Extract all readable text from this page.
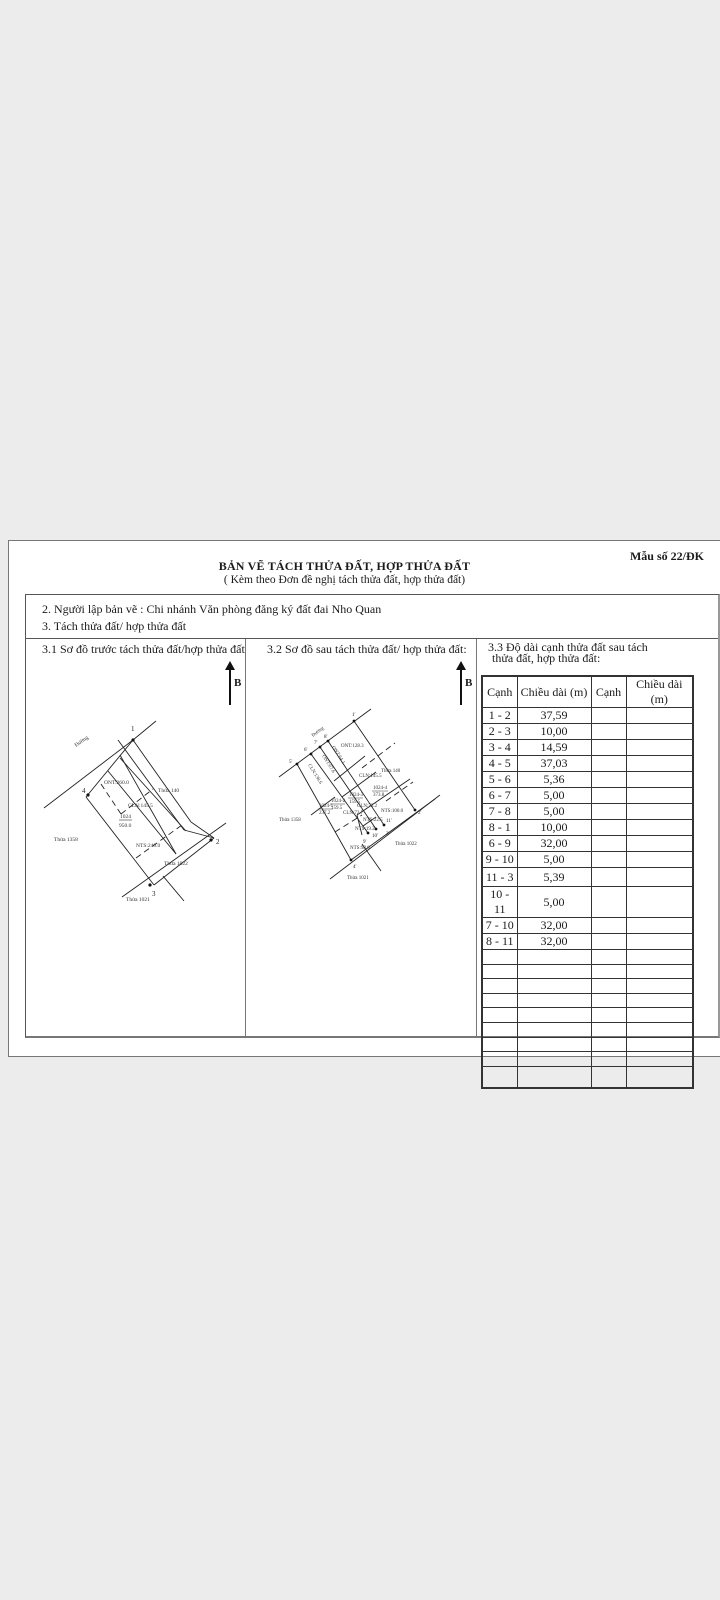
Mẫu số 22/ĐK
BẢN VẼ TÁCH THỬA ĐẤT, HỢP THỬA ĐẤT
( Kèm theo Đơn đề nghị tách thửa đất, hợp thửa đất)
2. Người lập bản vẽ : Chi nhánh Văn phòng đăng ký đất đai Nho Quan
3. Tách thửa đất/ hợp thửa đất
3.1 Sơ đồ trước tách thửa đất/hợp thửa đất
B
1
2
3
4
Đường
ONT:260.0
Thửa 140
CLN:145.5
1024
950.0
Thửa 1358
NTS:240.0
Thửa 1022
Thửa 1021
3.2 Sơ đồ sau tách thửa đất/ hợp thửa đất:
B
1'
2'
3'
4'
5'
6'
7'
8'
9'
10'
11'
Đường
ONT:128.3
ONT:64.1
ONT:67.6
CLN:138.6	Thửa 140
CLN:145.5
1024-4
373.8
1024-3
159.5
1024-2
159.5
1024-1
237.2	CLN:72.7
CLN:73.2
NTS:100.0
NTS:22.5
NTS:19.2
Thửa 1358
NTS:98.6
Thửa 1022
Thửa 1021
3.3 Độ dài cạnh thửa đất sau tách
thửa đất, hợp thửa đất:
Cạnh	Chiều dài (m)	Cạnh	Chiều dài (m)
1 - 2	37,59		
2 - 3	10,00		
3 - 4	14,59		
4 - 5	37,03		
5 - 6	5,36		
6 - 7	5,00		
7 - 8	5,00		
8 - 1	10,00		
6 - 9	32,00		
9 - 10	5,00		
11 - 3	5,39		
10 - 11	5,00		
7 - 10	32,00		
8 - 11	32,00		
